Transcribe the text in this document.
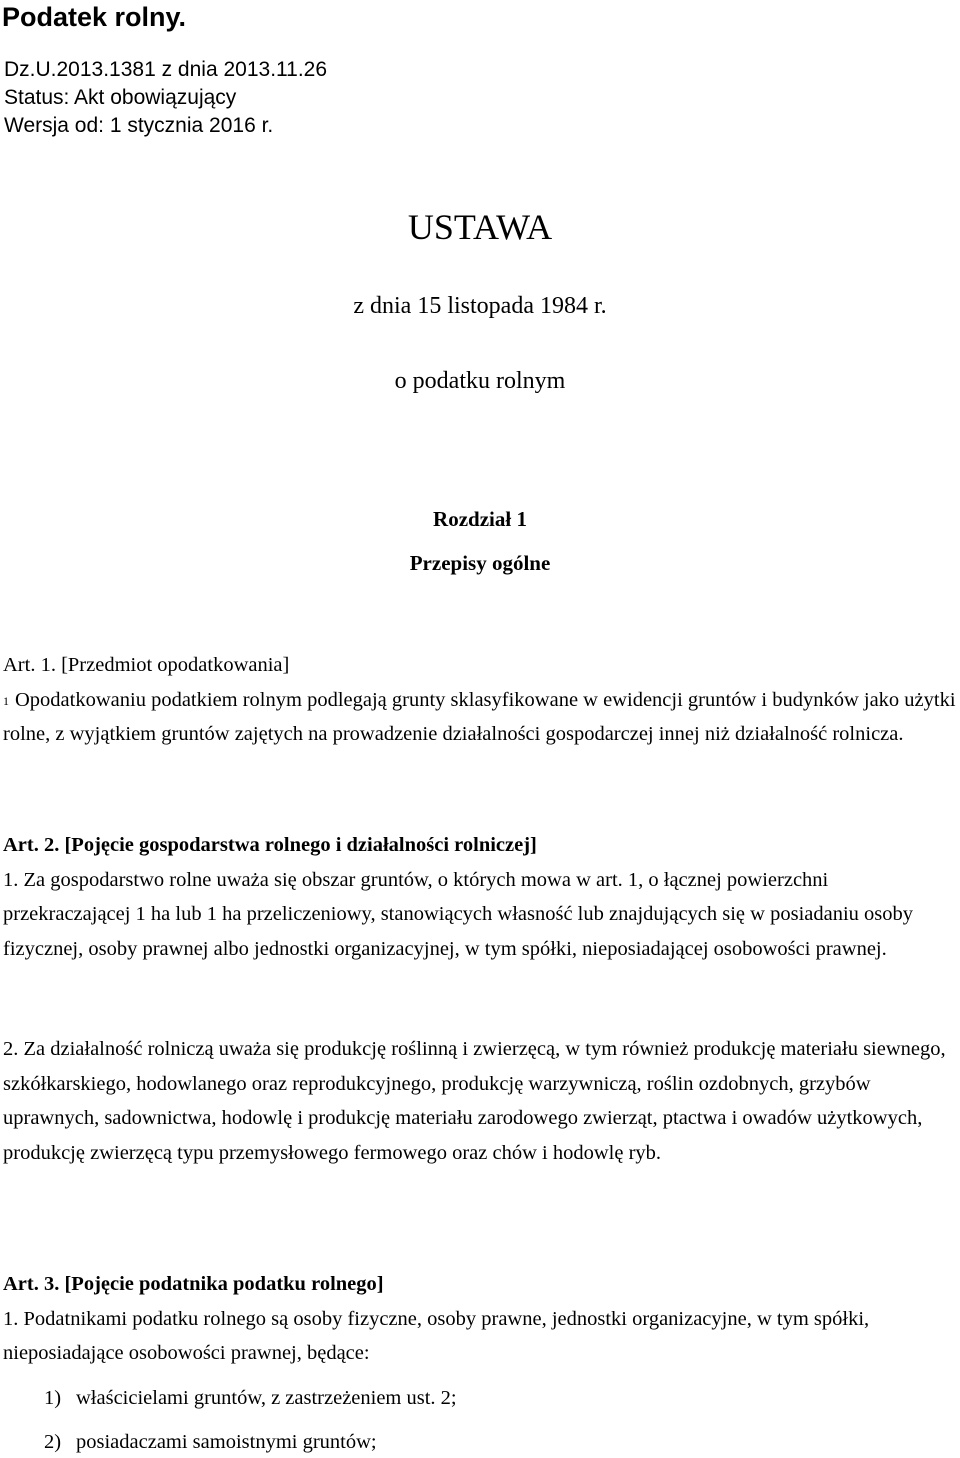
Podatek rolny.
Dz.U.2013.1381 z dnia 2013.11.26
Status: Akt obowiązujący
Wersja od: 1 stycznia 2016 r.
USTAWA
z dnia 15 listopada 1984 r.
o podatku rolnym
Rozdział 1
Przepisy ogólne
Art. 1. [Przedmiot opodatkowania]
$^1$ Opodatkowaniu podatkiem rolnym podlegają grunty sklasyfikowane w ewidencji gruntów i budynków jako użytki rolne, z wyjątkiem gruntów zajętych na prowadzenie działalności gospodarczej innej niż działalność rolnicza.
Art. 2. [Pojęcie gospodarstwa rolnego i działalności rolniczej]
1. Za gospodarstwo rolne uważa się obszar gruntów, o których mowa w art. 1, o łącznej powierzchni przekraczającej 1 ha lub 1 ha przeliczeniowy, stanowiących własność lub znajdujących się w posiadaniu osoby fizycznej, osoby prawnej albo jednostki organizacyjnej, w tym spółki, nieposiadającej osobowości prawnej.
2. Za działalność rolniczą uważa się produkcję roślinną i zwierzęcą, w tym również produkcję materiału siewnego, szkółkarskiego, hodowlanego oraz reprodukcyjnego, produkcję warzywniczą, roślin ozdobnych, grzybów uprawnych, sadownictwa, hodowlę i produkcję materiału zarodowego zwierząt, ptactwa i owadów użytkowych, produkcję zwierzęcą typu przemysłowego fermowego oraz chów i hodowlę ryb.
Art. 3. [Pojęcie podatnika podatku rolnego]
1. Podatnikami podatku rolnego są osoby fizyczne, osoby prawne, jednostki organizacyjne, w tym spółki, nieposiadające osobowości prawnej, będące:
1) właścicielami gruntów, z zastrzeżeniem ust. 2;
2) posiadaczami samoistnymi gruntów;
